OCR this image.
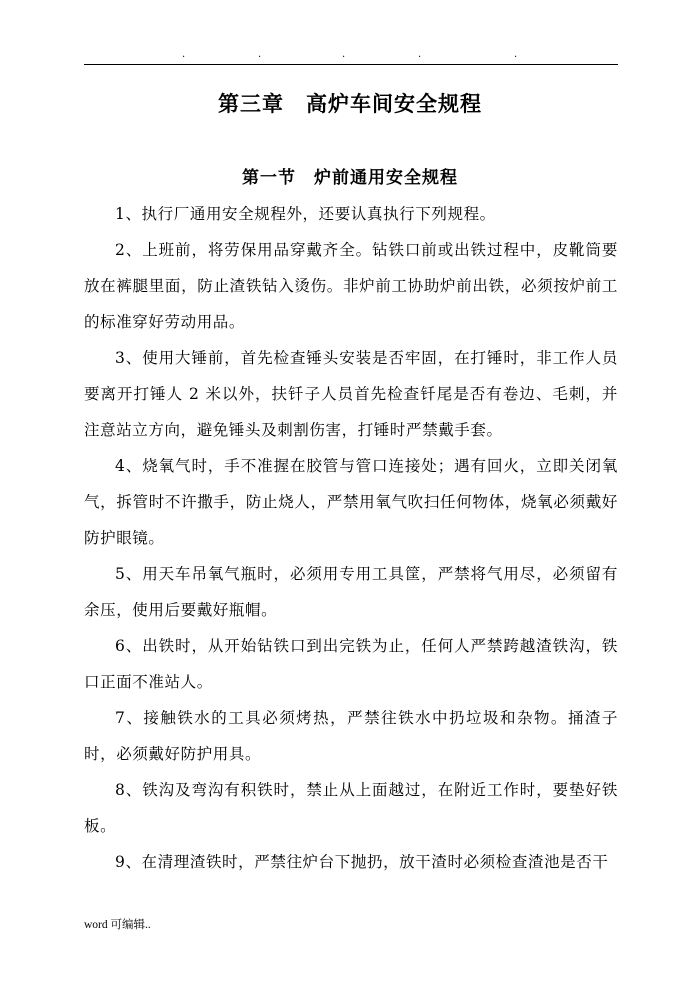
.	.	.	.	.
第三章　高炉车间安全规程
第一节　炉前通用安全规程

1、执行厂通用安全规程外，还要认真执行下列规程。

2、上班前，将劳保用品穿戴齐全。钻铁口前或出铁过程中，皮靴筒要放在裤腿里面，防止渣铁钻入烫伤。非炉前工协助炉前出铁，必须按炉前工的标准穿好劳动用品。

3、使用大锤前，首先检查锤头安装是否牢固，在打锤时，非工作人员要离开打锤人 2 米以外，扶钎子人员首先检查钎尾是否有卷边、毛刺，并注意站立方向，避免锤头及刺割伤害，打锤时严禁戴手套。

4、烧氧气时，手不准握在胶管与管口连接处；遇有回火，立即关闭氧气，拆管时不许撒手，防止烧人，严禁用氧气吹扫任何物体，烧氧必须戴好防护眼镜。

5、用天车吊氧气瓶时，必须用专用工具筐，严禁将气用尽，必须留有余压，使用后要戴好瓶帽。

6、出铁时，从开始钻铁口到出完铁为止，任何人严禁跨越渣铁沟，铁口正面不准站人。

7、接触铁水的工具必须烤热，严禁往铁水中扔垃圾和杂物。捅渣子时，必须戴好防护用具。

8、铁沟及弯沟有积铁时，禁止从上面越过，在附近工作时，要垫好铁板。

9、在清理渣铁时，严禁往炉台下抛扔，放干渣时必须检查渣池是否干

word 可编辑..
